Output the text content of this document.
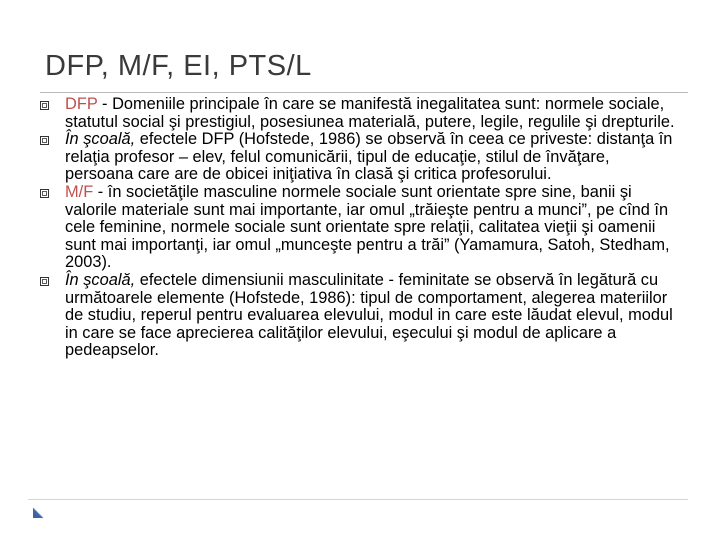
DFP, M/F, EI, PTS/L
DFP - Domeniile principale în care se manifestă inegalitatea sunt: normele sociale, statutul social şi prestigiul, posesiunea materială, putere, legile, regulile şi drepturile.
În şcoală, efectele DFP (Hofstede, 1986) se observă în ceea ce priveste: distanţa în relaţia profesor – elev, felul comunicării, tipul de educaţie, stilul de învăţare, persoana care are de obicei iniţiativa în clasă şi critica profesorului.
M/F - în societăţile masculine normele sociale sunt orientate spre sine, banii şi valorile materiale sunt mai importante, iar omul „trăieşte pentru a munci”, pe cînd în cele feminine, normele sociale sunt orientate spre relaţii, calitatea vieţii şi oamenii sunt mai importanţi, iar omul „munceşte pentru a trăi” (Yamamura, Satoh, Stedham, 2003).
În şcoală, efectele dimensiunii masculinitate - feminitate se observă în legătură cu următoarele elemente (Hofstede, 1986): tipul de comportament, alegerea materiilor de studiu, reperul pentru evaluarea elevului, modul in care este lăudat elevul, modul in care se face aprecierea calităţilor elevului, eşecului şi modul de aplicare a pedeapselor.
